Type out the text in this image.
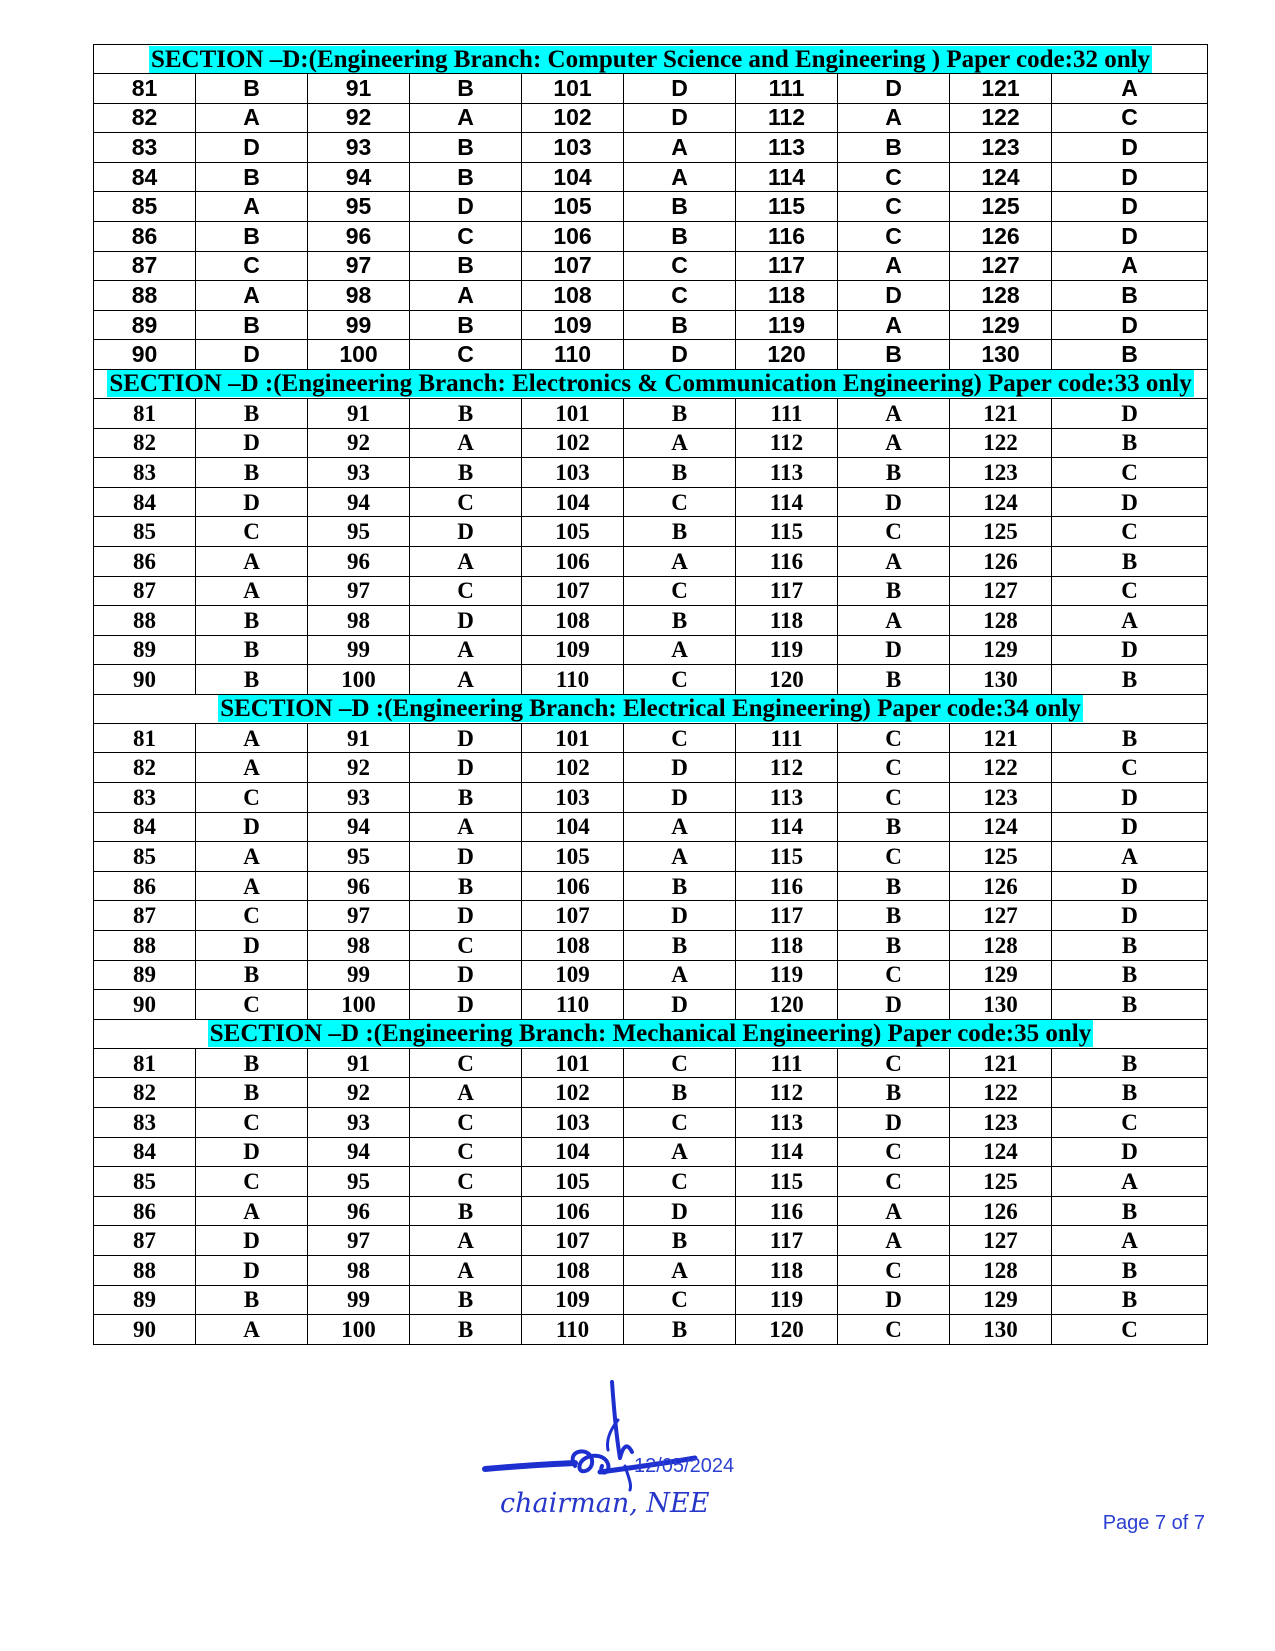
SECTION –D:(Engineering Branch: Computer Science and Engineering ) Paper code:32 only									
81	B	91	B	101	D	111	D	121	A
82	A	92	A	102	D	112	A	122	C
83	D	93	B	103	A	113	B	123	D
84	B	94	B	104	A	114	C	124	D
85	A	95	D	105	B	115	C	125	D
86	B	96	C	106	B	116	C	126	D
87	C	97	B	107	C	117	A	127	A
88	A	98	A	108	C	118	D	128	B
89	B	99	B	109	B	119	A	129	D
90	D	100	C	110	D	120	B	130	B
SECTION –D :(Engineering Branch: Electronics & Communication Engineering) Paper code:33 only									
81	B	91	B	101	B	111	A	121	D
82	D	92	A	102	A	112	A	122	B
83	B	93	B	103	B	113	B	123	C
84	D	94	C	104	C	114	D	124	D
85	C	95	D	105	B	115	C	125	C
86	A	96	A	106	A	116	A	126	B
87	A	97	C	107	C	117	B	127	C
88	B	98	D	108	B	118	A	128	A
89	B	99	A	109	A	119	D	129	D
90	B	100	A	110	C	120	B	130	B
SECTION –D :(Engineering Branch: Electrical Engineering) Paper code:34 only									
81	A	91	D	101	C	111	C	121	B
82	A	92	D	102	D	112	C	122	C
83	C	93	B	103	D	113	C	123	D
84	D	94	A	104	A	114	B	124	D
85	A	95	D	105	A	115	C	125	A
86	A	96	B	106	B	116	B	126	D
87	C	97	D	107	D	117	B	127	D
88	D	98	C	108	B	118	B	128	B
89	B	99	D	109	A	119	C	129	B
90	C	100	D	110	D	120	D	130	B
SECTION –D :(Engineering Branch: Mechanical Engineering) Paper code:35 only									
81	B	91	C	101	C	111	C	121	B
82	B	92	A	102	B	112	B	122	B
83	C	93	C	103	C	113	D	123	C
84	D	94	C	104	A	114	C	124	D
85	C	95	C	105	C	115	C	125	A
86	A	96	B	106	D	116	A	126	B
87	D	97	A	107	B	117	A	127	A
88	D	98	A	108	A	118	C	128	B
89	B	99	B	109	C	119	D	129	B
90	A	100	B	110	B	120	C	130	C
12/05/2024
chairman, NEE
Page 7 of 7
